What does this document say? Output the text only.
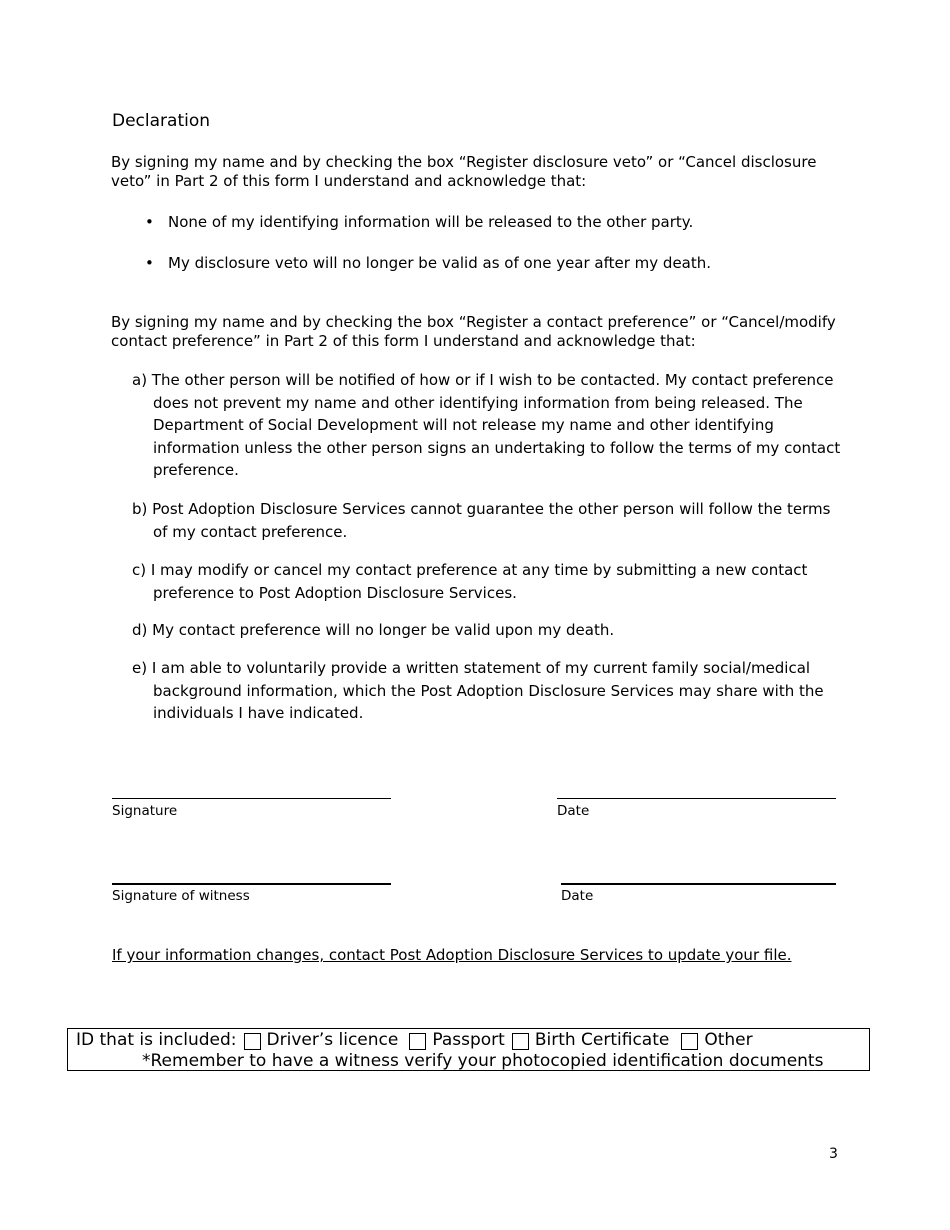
Declaration
By signing my name and by checking the box “Register disclosure veto” or “Cancel disclosure veto” in Part 2 of this form I understand and acknowledge that:
• None of my identifying information will be released to the other party.
• My disclosure veto will no longer be valid as of one year after my death.
By signing my name and by checking the box “Register a contact preference” or “Cancel/modify contact preference” in Part 2 of this form I understand and acknowledge that:
a) The other person will be notified of how or if I wish to be contacted. My contact preference
does not prevent my name and other identifying information from being released. The Department of Social Development will not release my name and other identifying information unless the other person signs an undertaking to follow the terms of my contact preference.
b) Post Adoption Disclosure Services cannot guarantee the other person will follow the terms
of my contact preference.
c) I may modify or cancel my contact preference at any time by submitting a new contact
preference to Post Adoption Disclosure Services.
d) My contact preference will no longer be valid upon my death.
e) I am able to voluntarily provide a written statement of my current family social/medical
background information, which the Post Adoption Disclosure Services may share with the individuals I have indicated.
Signature	Date
Signature of witness	Date
If your information changes, contact Post Adoption Disclosure Services to update your file.
ID that is included: Driver’s licence Passport Birth Certificate Other
*Remember to have a witness verify your photocopied identification documents
3
